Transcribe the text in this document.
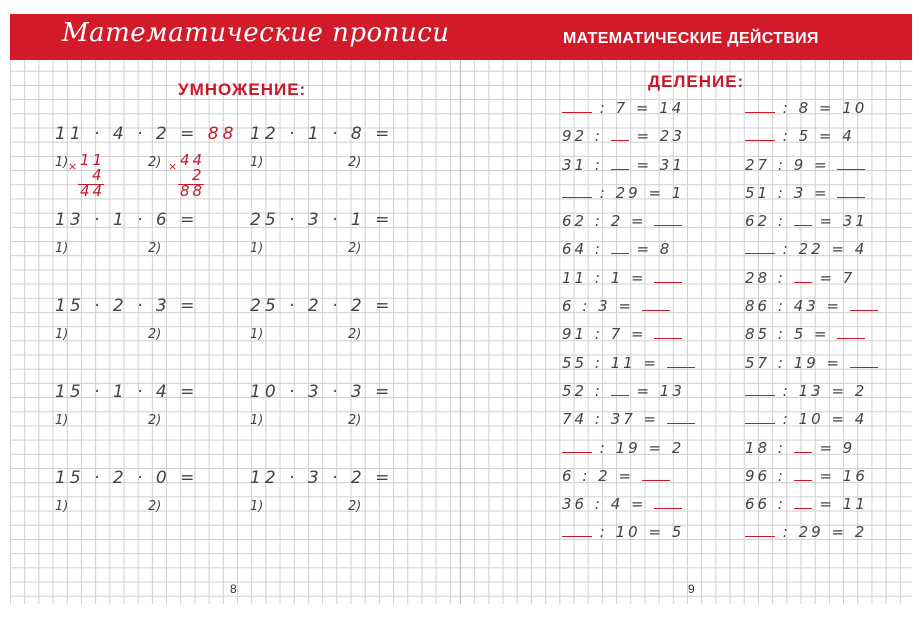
Математические прописи	МАТЕМАТИЧЕСКИЕ ДЕЙСТВИЯ
УМНОЖЕНИЕ:	ДЕЛЕНИЕ:
11 · 4 · 2 = 88 12 · 1 · 8 =
1) × 11
4
44
2) × 44
2
88
1)	2)
13 · 1 · 6 =	25 · 3 · 1 =
1)	2)	1)	2)
15 · 2 · 3 =	25 · 2 · 2 =
1)	2)	1)	2)
15 · 1 · 4 =	10 · 3 · 3 =
1)	2)	1)	2)
15 · 2 · 0 =	12 · 3 · 2 =
1)	2)	1)	2)
: 7 = 14
92 :  = 23
31 :  = 31
: 29 = 1
62 : 2 =
64 :  = 8
11 : 1 =
6 : 3 =
91 : 7 =
55 : 11 =
52 :  = 13
74 : 37 =
: 19 = 2
6 : 2 =
36 : 4 =
: 10 = 5
: 8 = 10
: 5 = 4
27 : 9 =
51 : 3 =
62 :  = 31
: 22 = 4
28 :  = 7
86 : 43 =
85 : 5 =
57 : 19 =
: 13 = 2
: 10 = 4
18 :  = 9
96 :  = 16
66 :  = 11
: 29 = 2
8	9
